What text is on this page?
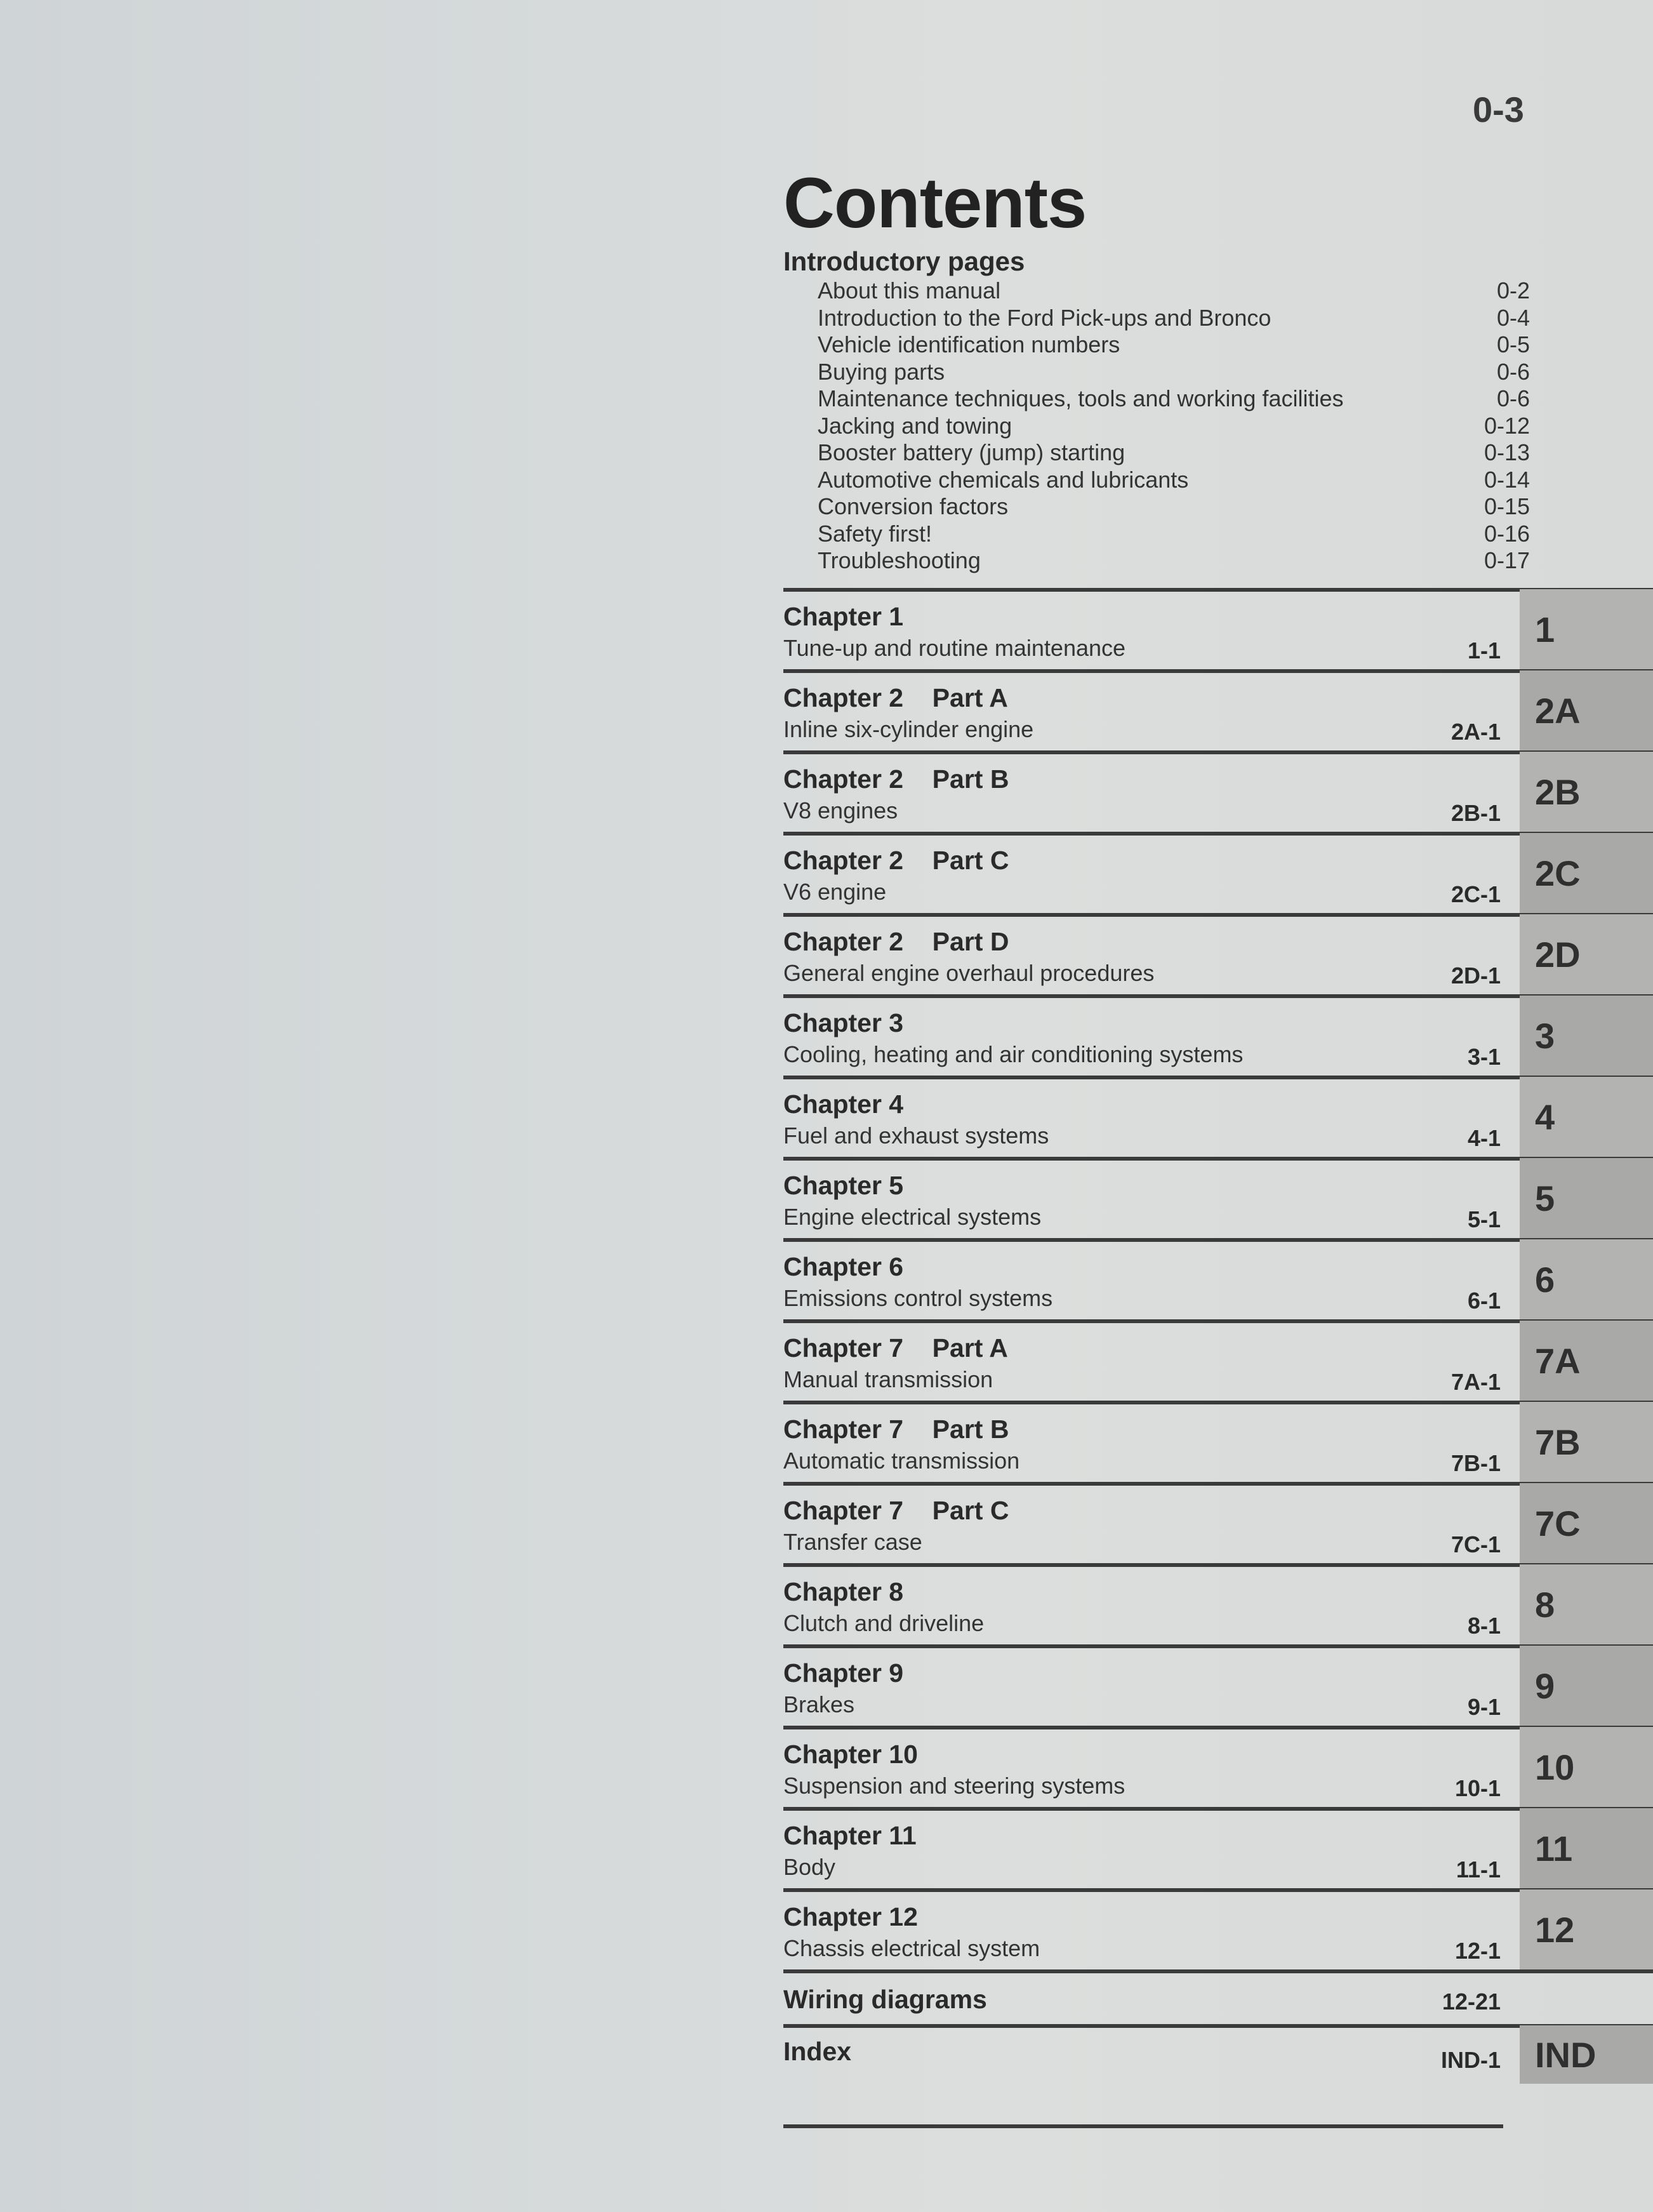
0-3
Contents
Introductory pages
About this manual	0-2
Introduction to the Ford Pick-ups and Bronco	0-4
Vehicle identification numbers	0-5
Buying parts	0-6
Maintenance techniques, tools and working facilities	0-6
Jacking and towing	0-12
Booster battery (jump) starting	0-13
Automotive chemicals and lubricants	0-14
Conversion factors	0-15
Safety first!	0-16
Troubleshooting	0-17
Chapter 1
Tune-up and routine maintenance	1-1
1
Chapter 2    Part A
Inline six-cylinder engine	2A-1
2A
Chapter 2    Part B
V8 engines	2B-1
2B
Chapter 2    Part C
V6 engine	2C-1
2C
Chapter 2    Part D
General engine overhaul procedures	2D-1
2D
Chapter 3
Cooling, heating and air conditioning systems	3-1
3
Chapter 4
Fuel and exhaust systems	4-1
4
Chapter 5
Engine electrical systems	5-1
5
Chapter 6
Emissions control systems	6-1
6
Chapter 7    Part A
Manual transmission	7A-1
7A
Chapter 7    Part B
Automatic transmission	7B-1
7B
Chapter 7    Part C
Transfer case	7C-1
7C
Chapter 8
Clutch and driveline	8-1
8
Chapter 9
Brakes	9-1
9
Chapter 10
Suspension and steering systems	10-1
10
Chapter 11
Body	11-1
11
Chapter 12
Chassis electrical system	12-1
12
Wiring diagrams	12-21
Index	IND-1 IND
